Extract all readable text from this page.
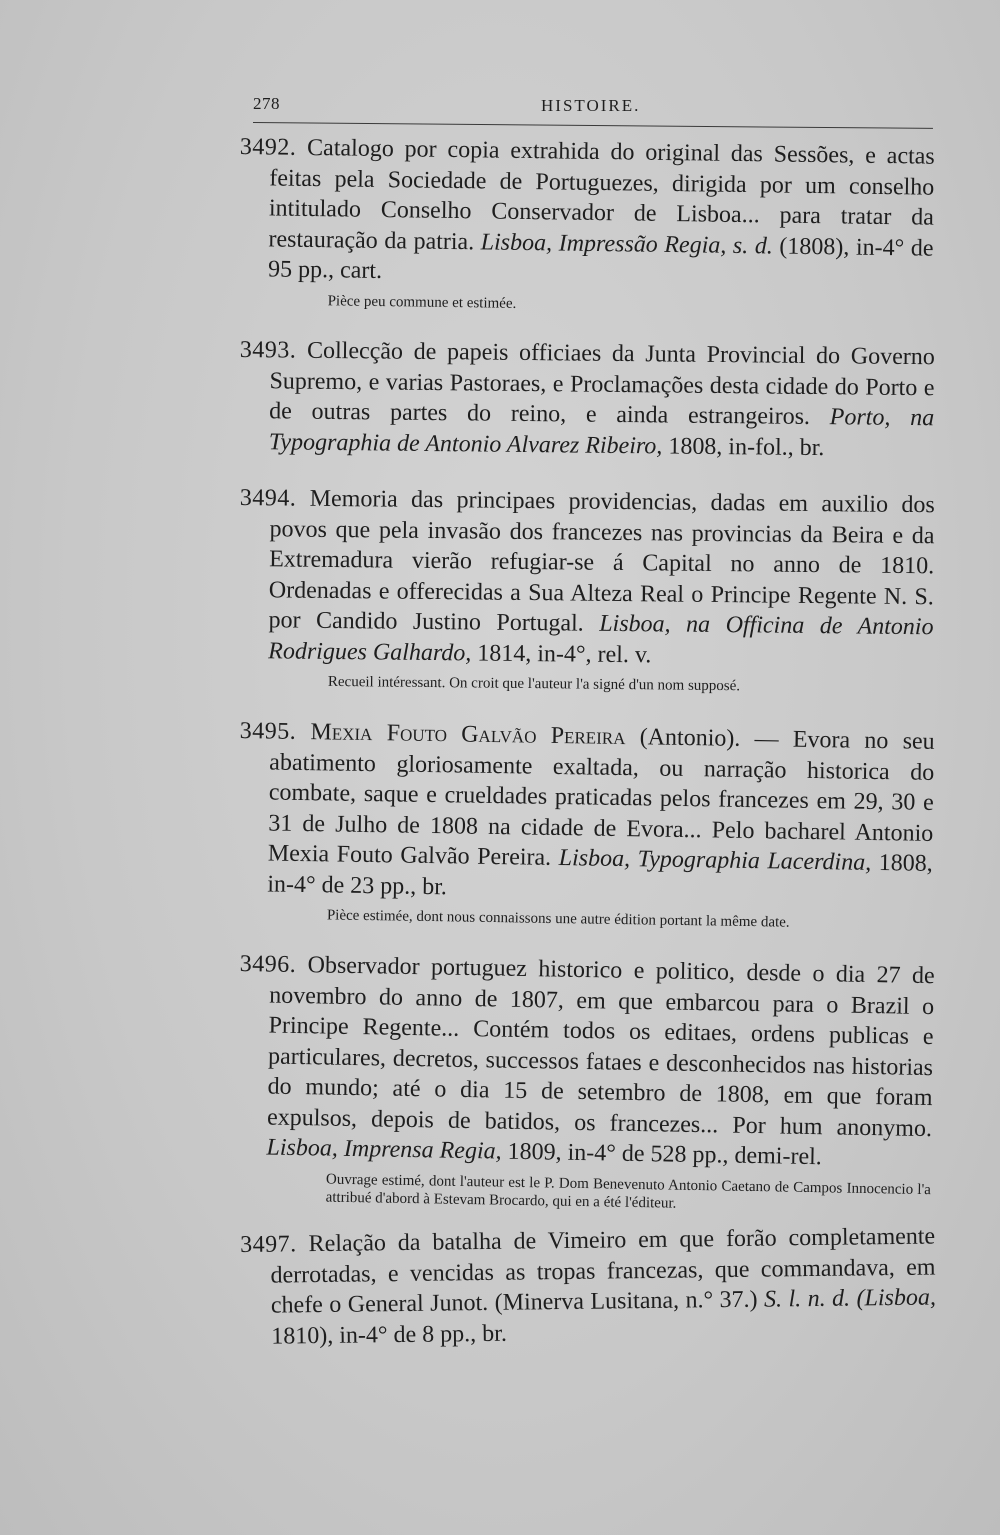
278	HISTOIRE.
3492. Catalogo por copia extrahida do original das Sessões, e actas feitas pela Sociedade de Portuguezes, dirigida por um conselho intitulado Conselho Conservador de Lisboa... para tratar da restauração da patria. Lisboa, Impressão Regia, s. d. (1808), in-4° de 95 pp., cart.
Pièce peu commune et estimée.
3493. Collecção de papeis officiaes da Junta Provincial do Governo Supremo, e varias Pastoraes, e Proclamações desta cidade do Porto e de outras partes do reino, e ainda estrangeiros. Porto, na Typographia de Antonio Alvarez Ribeiro, 1808, in-fol., br.
3494. Memoria das principaes providencias, dadas em auxilio dos povos que pela invasão dos francezes nas provincias da Beira e da Extremadura vierão refugiar-se á Capital no anno de 1810. Ordenadas e offerecidas a Sua Alteza Real o Principe Regente N. S. por Candido Justino Portugal. Lisboa, na Officina de Antonio Rodrigues Galhardo, 1814, in-4°, rel. v.
Recueil intéressant. On croit que l'auteur l'a signé d'un nom supposé.
3495. Mexia Fouto Galvão Pereira (Antonio). — Evora no seu abatimento gloriosamente exaltada, ou narração historica do combate, saque e crueldades praticadas pelos francezes em 29, 30 e 31 de Julho de 1808 na cidade de Evora... Pelo bacharel Antonio Mexia Fouto Galvão Pereira. Lisboa, Typographia Lacerdina, 1808, in-4° de 23 pp., br.
Pièce estimée, dont nous connaissons une autre édition portant la même date.
3496. Observador portuguez historico e politico, desde o dia 27 de novembro do anno de 1807, em que embarcou para o Brazil o Principe Regente... Contém todos os editaes, ordens publicas e particulares, decretos, successos fataes e desconhecidos nas historias do mundo; até o dia 15 de setembro de 1808, em que foram expulsos, depois de batidos, os francezes... Por hum anonymo. Lisboa, Imprensa Regia, 1809, in-4° de 528 pp., demi-rel.
Ouvrage estimé, dont l'auteur est le P. Dom Benevenuto Antonio Caetano de Campos Innocencio l'a attribué d'abord à Estevam Brocardo, qui en a été l'éditeur.
3497. Relação da batalha de Vimeiro em que forão completamente derrotadas, e vencidas as tropas francezas, que commandava, em chefe o General Junot. (Minerva Lusitana, n.° 37.) S. l. n. d. (Lisboa, 1810), in-4° de 8 pp., br.
